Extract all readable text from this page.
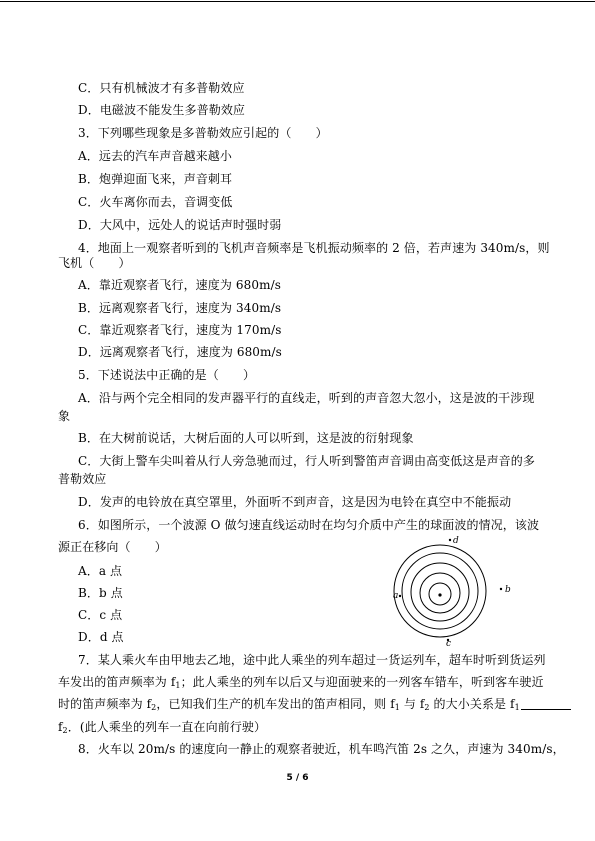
C．只有机械波才有多普勒效应
D．电磁波不能发生多普勒效应
3．下列哪些现象是多普勒效应引起的（　　）
A．远去的汽车声音越来越小
B．炮弹迎面飞来，声音刺耳
C．火车离你而去，音调变低
D．大风中，远处人的说话声时强时弱
4．地面上一观察者听到的飞机声音频率是飞机振动频率的 2 倍，若声速为 340m/s，则
飞机（　　）
A．靠近观察者飞行，速度为 680m/s
B．远离观察者飞行，速度为 340m/s
C．靠近观察者飞行，速度为 170m/s
D．远离观察者飞行，速度为 680m/s
5．下述说法中正确的是（　　）
A．沿与两个完全相同的发声器平行的直线走，听到的声音忽大忽小，这是波的干涉现
象
B．在大树前说话，大树后面的人可以听到，这是波的衍射现象
C．大街上警车尖叫着从行人旁急驰而过，行人听到警笛声音调由高变低这是声音的多
普勒效应
D．发声的电铃放在真空罩里，外面听不到声音，这是因为电铃在真空中不能振动
6．如图所示，一个波源 O 做匀速直线运动时在均匀介质中产生的球面波的情况，该波
源正在移向（　　）
A．a 点
B．b 点
C．c 点
D．d 点
d
b
a
c
7．某人乘火车由甲地去乙地，途中此人乘坐的列车超过一货运列车，超车时听到货运列
车发出的笛声频率为 $f_1$；此人乘坐的列车以后又与迎面驶来的一列客车错车，听到客车驶近
时的笛声频率为 $f_2$，已知我们生产的机车发出的笛声相同，则 $f_1$ 与 $f_2$ 的大小关系是 $f_1$
$f_2$．(此人乘坐的列车一直在向前行驶）
8．火车以 20m/s 的速度向一静止的观察者驶近，机车鸣汽笛 2s 之久，声速为 340m/s，
5 / 6
